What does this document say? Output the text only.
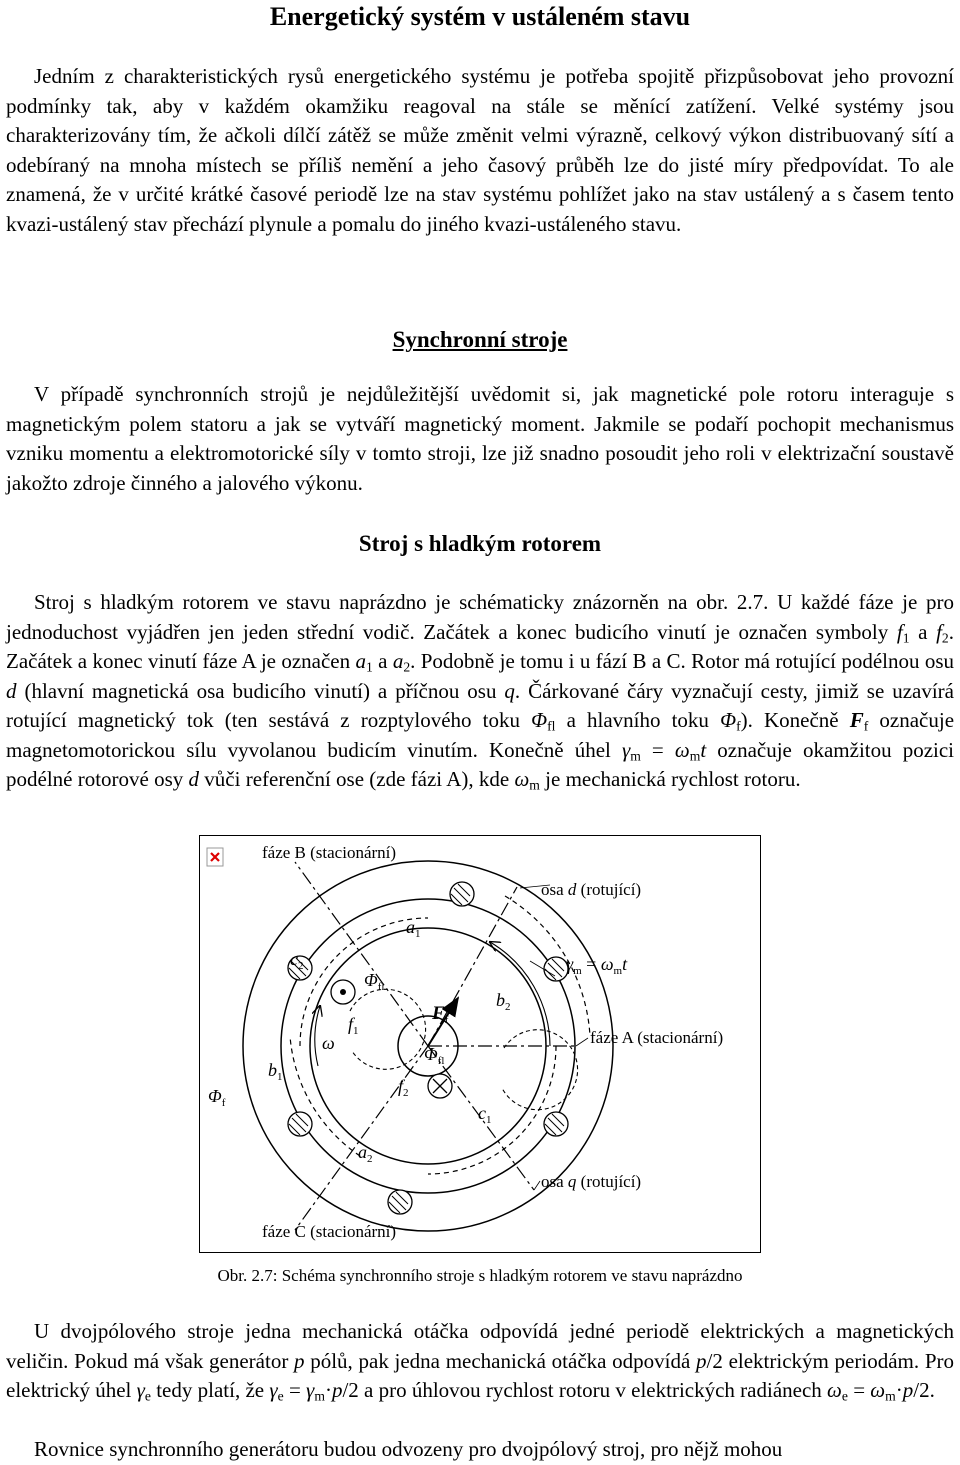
Energetický systém v ustáleném stavu

Jedním z charakteristických rysů energetického systému je potřeba spojitě přizpůsobovat jeho provozní podmínky tak, aby v každém okamžiku reagoval na stále se měnící zatížení. Velké systémy jsou charakterizovány tím, že ačkoli dílčí zátěž se může změnit velmi výrazně, celkový výkon distribuovaný sítí a odebíraný na mnoha místech se příliš nemění a jeho časový průběh lze do jisté míry předpovídat. To ale znamená, že v určité krátké časové periodě lze na stav systému pohlížet jako na stav ustálený a s časem tento kvazi-ustálený stav přechází plynule a pomalu do jiného kvazi-ustáleného stavu.

Synchronní stroje

V případě synchronních strojů je nejdůležitější uvědomit si, jak magnetické pole rotoru interaguje s magnetickým polem statoru a jak se vytváří magnetický moment. Jakmile se podaří pochopit mechanismus vzniku momentu a elektromotorické síly v tomto stroji, lze již snadno posoudit jeho roli v elektrizační soustavě jakožto zdroje činného a jalového výkonu.

Stroj s hladkým rotorem

Stroj s hladkým rotorem ve stavu naprázdno je schématicky znázorněn na obr. 2.7. U každé fáze je pro jednoduchost vyjádřen jen jeden střední vodič. Začátek a konec budicího vinutí je označen symboly $f_1$ a $f_2$. Začátek a konec vinutí fáze A je označen $a_1$ a $a_2$. Podobně je tomu i u fází B a C. Rotor má rotující podélnou osu d (hlavní magnetická osa budicího vinutí) a příčnou osu q. Čárkované čáry vyznačují cesty, jimiž se uzavírá rotující magnetický tok (ten sestává z rozptylového toku $\Phi_{fl}$ a hlavního toku $\Phi_f$). Konečně $F_f$ označuje magnetomotorickou sílu vyvolanou budicím vinutím. Konečně úhel $\gamma_m = \omega_mt$ označuje okamžitou pozici podélné rotorové osy d vůči referenční ose (zde fázi A), kde $\omega_m$ je mechanická rychlost rotoru.

fáze B (stacionární)
osa d (rotující)
$a_1$
$c_2$
$\Phi_{fl}$
$\gamma_m = \omega_mt$
$f_1$
$F_f$
$b_2$
ω	fáze A (stacionární)
$\Phi_{fl}$
$b_1$
$\Phi_f$
$f_2$
$c_1$
$a_2$
osa q (rotující)
fáze C (stacionární)
Obr. 2.7: Schéma synchronního stroje s hladkým rotorem ve stavu naprázdno

U dvojpólového stroje jedna mechanická otáčka odpovídá jedné periodě elektrických a magnetických veličin. Pokud má však generátor p pólů, pak jedna mechanická otáčka odpovídá p/2 elektrickým periodám. Pro elektrický úhel $\gamma_e$ tedy platí, že $\gamma_e = \gamma_m\cdot p/2$ a pro úhlovou rychlost rotoru v elektrických radiánech $\omega_e = \omega_m\cdot p/2$.

Rovnice synchronního generátoru budou odvozeny pro dvojpólový stroj, pro nějž mohou
